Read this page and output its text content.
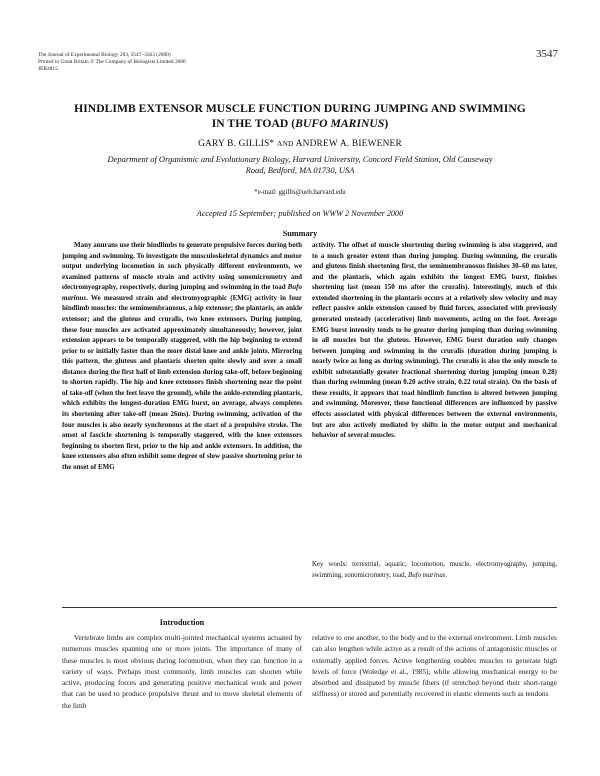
The Journal of Experimental Biology 203, 3547–3563 (2000)
Printed in Great Britain © The Company of Biologists Limited 2000
JEB2815
3547
HINDLIMB EXTENSOR MUSCLE FUNCTION DURING JUMPING AND SWIMMING
IN THE TOAD (BUFO MARINUS)
GARY B. GILLIS* AND ANDREW A. BIEWENER
Department of Organismic and Evolutionary Biology, Harvard University, Concord Field Station, Old Causeway
Road, Bedford, MA 01730, USA
*e-mail: ggillis@oeb.harvard.edu
Accepted 15 September; published on WWW 2 November 2000
Summary
Many anurans use their hindlimbs to generate propulsive forces during both jumping and swimming. To investigate the musculoskeletal dynamics and motor output underlying locomotion in such physically different environments, we examined patterns of muscle strain and activity using sonomicrometry and electromyography, respectively, during jumping and swimming in the toad Bufo marinus. We measured strain and electromyographic (EMG) activity in four hindlimb muscles: the semimembranosus, a hip extensor; the plantaris, an ankle extensor; and the gluteus and cruralis, two knee extensors. During jumping, these four muscles are activated approximately simultaneously; however, joint extension appears to be temporally staggered, with the hip beginning to extend prior to or initially faster than the more distal knee and ankle joints. Mirroring this pattern, the gluteus and plantaris shorten quite slowly and over a small distance during the first half of limb extension during take-off, before beginning to shorten rapidly. The hip and knee extensors finish shortening near the point of take-off (when the feet leave the ground), while the ankle-extending plantaris, which exhibits the longest-duration EMG burst, on average, always completes its shortening after take-off (mean 26ms). During swimming, activation of the four muscles is also nearly synchronous at the start of a propulsive stroke. The onset of fascicle shortening is temporally staggered, with the knee extensors beginning to shorten first, prior to the hip and ankle extensors. In addition, the knee extensors also often exhibit some degree of slow passive shortening prior to the onset of EMG
activity. The offset of muscle shortening during swimming is also staggered, and to a much greater extent than during jumping. During swimming, the cruralis and gluteus finish shortening first, the semimembranosus finishes 30–60 ms later, and the plantaris, which again exhibits the longest EMG burst, finishes shortening last (mean 150 ms after the cruralis). Interestingly, much of this extended shortening in the plantaris occurs at a relatively slow velocity and may reflect passive ankle extension caused by fluid forces, associated with previously generated unsteady (accelerative) limb movements, acting on the foot. Average EMG burst intensity tends to be greater during jumping than during swimming in all muscles but the gluteus. However, EMG burst duration only changes between jumping and swimming in the cruralis (duration during jumping is nearly twice as long as during swimming). The cruralis is also the only muscle to exhibit substantially greater fractional shortening during jumping (mean 0.28) than during swimming (mean 0.20 active strain, 0.22 total strain). On the basis of these results, it appears that toad hindlimb function is altered between jumping and swimming. Moreover, these functional differences are influenced by passive effects associated with physical differences between the external environments, but are also actively mediated by shifts in the motor output and mechanical behavior of several muscles.
Key words: terrestrial, aquatic, locomotion, muscle, electromyography, jumping, swimming, sonomicrometry, toad, Bufo marinus.
Introduction
Vertebrate limbs are complex multi-jointed mechanical systems actuated by numerous muscles spanning one or more joints. The importance of many of these muscles is most obvious during locomotion, when they can function in a variety of ways. Perhaps most commonly, limb muscles can shorten while active, producing forces and generating positive mechanical work and power that can be used to produce propulsive thrust and to move skeletal elements of the limb
relative to one another, to the body and to the external environment. Limb muscles can also lengthen while active as a result of the actions of antagonistic muscles or externally applied forces. Active lengthening enables muscles to generate high levels of force (Woledge et al., 1985), while allowing mechanical energy to be absorbed and dissipated by muscle fibers (if stretched beyond their short-range stiffness) or stored and potentially recovered in elastic elements such as tendons
